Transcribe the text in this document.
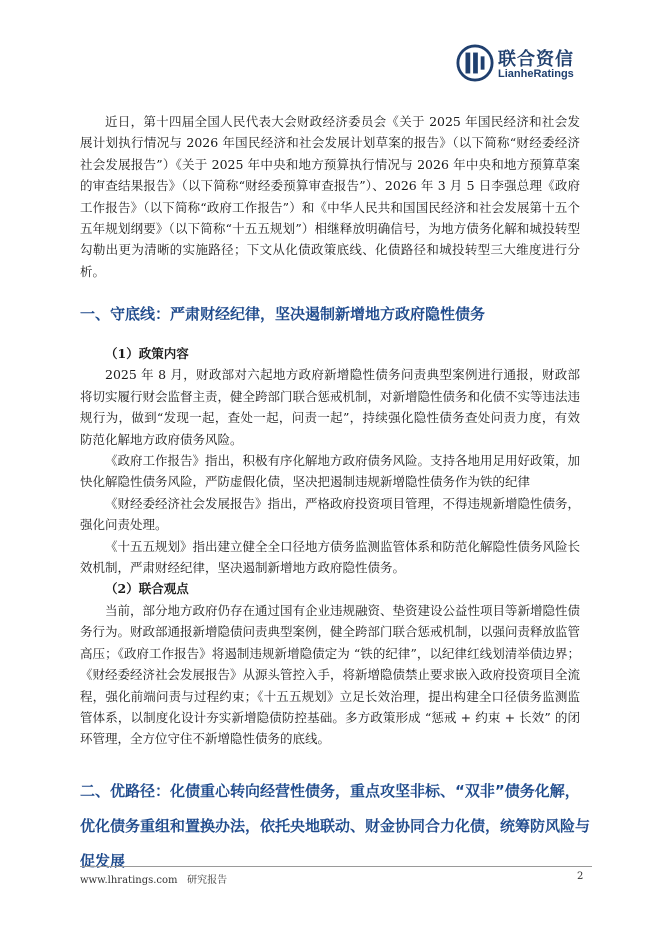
联合资信
LianheRatings

近日，第十四届全国人民代表大会财政经济委员会《关于 2025 年国民经济和社会发展计划执行情况与 2026 年国民经济和社会发展计划草案的报告》（以下简称“财经委经济社会发展报告”）《关于 2025 年中央和地方预算执行情况与 2026 年中央和地方预算草案的审查结果报告》（以下简称“财经委预算审查报告”）、2026 年 3 月 5 日李强总理《政府工作报告》（以下简称“政府工作报告”）和《中华人民共和国国民经济和社会发展第十五个五年规划纲要》（以下简称“十五五规划”）相继释放明确信号，为地方债务化解和城投转型勾勒出更为清晰的实施路径；下文从化债政策底线、化债路径和城投转型三大维度进行分析。

一、守底线：严肃财经纪律，坚决遏制新增地方政府隐性债务

（1）政策内容

2025 年 8 月，财政部对六起地方政府新增隐性债务问责典型案例进行通报，财政部将切实履行财会监督主责，健全跨部门联合惩戒机制，对新增隐性债务和化债不实等违法违规行为，做到“发现一起，查处一起，问责一起”，持续强化隐性债务查处问责力度，有效防范化解地方政府债务风险。

《政府工作报告》指出，积极有序化解地方政府债务风险。支持各地用足用好政策，加快化解隐性债务风险，严防虚假化债，坚决把遏制违规新增隐性债务作为铁的纪律

《财经委经济社会发展报告》指出，严格政府投资项目管理，不得违规新增隐性债务，强化问责处理。

《十五五规划》指出建立健全全口径地方债务监测监管体系和防范化解隐性债务风险长效机制，严肃财经纪律，坚决遏制新增地方政府隐性债务。

（2）联合观点

当前，部分地方政府仍存在通过国有企业违规融资、垫资建设公益性项目等新增隐性债务行为。财政部通报新增隐债问责典型案例，健全跨部门联合惩戒机制，以强问责释放监管高压；《政府工作报告》将遏制违规新增隐债定为 “铁的纪律”，以纪律红线划清举债边界；《财经委经济社会发展报告》从源头管控入手，将新增隐债禁止要求嵌入政府投资项目全流程，强化前端问责与过程约束；《十五五规划》立足长效治理，提出构建全口径债务监测监管体系，以制度化设计夯实新增隐债防控基础。多方政策形成 “惩戒 + 约束 + 长效” 的闭环管理，全方位守住不新增隐性债务的底线。

二、优路径：化债重心转向经营性债务，重点攻坚非标、“双非”债务化解，优化债务重组和置换办法，依托央地联动、财金协同合力化债，统筹防风险与促发展
www.lhratings.com 研究报告	2
